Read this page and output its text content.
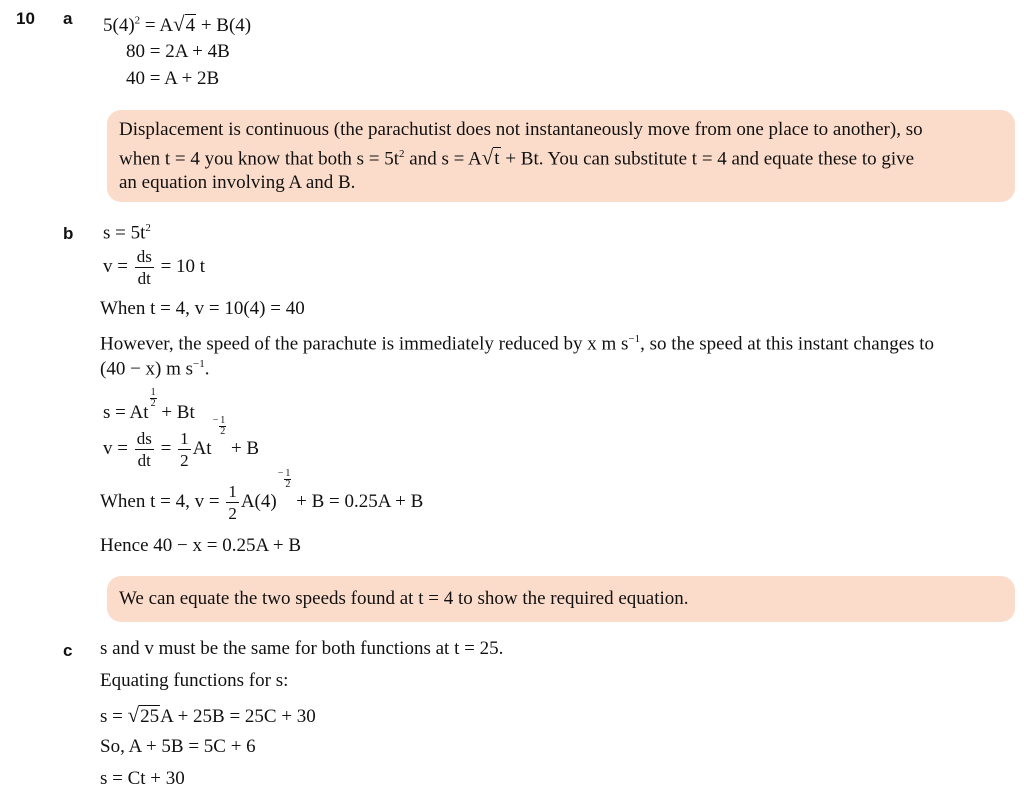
10 a $5(4)^2 = A√4 + B(4)$
80 = 2A + 4B
40 = A + 2B
Displacement is continuous (the parachutist does not instantaneously move from one place to another), so
when t = 4 you know that both $s = 5t^2$ and s = A√t + Bt. You can substitute t = 4 and equate these to give
an equation involving A and B.
b $s = 5t^2$
$v = \frac{ds}{dt} = 10$ t
When t = 4, v = 10(4) = 40
However, the speed of the parachute is immediately reduced by x m $s^{-1}$, so the speed at this instant changes to
(40 − x) m $s^{-1}$.
s = At
$\frac{1}{2}$
+ Bt
$v = \frac{ds}{dt} = \frac{1}{2}$ At
− $\frac{1}{2}$
+ B
When t = 4, $v = \frac{1}{2} A(4)$
− $\frac{1}{2}$
+ B = 0.25A + B
Hence 40 − x = 0.25A + B
We can equate the two speeds found at t = 4 to show the required equation.
c s and v must be the same for both functions at t = 25.
Equating functions for s:
s = √25A + 25B = 25C + 30
So, A + 5B = 5C + 6
s = Ct + 30
